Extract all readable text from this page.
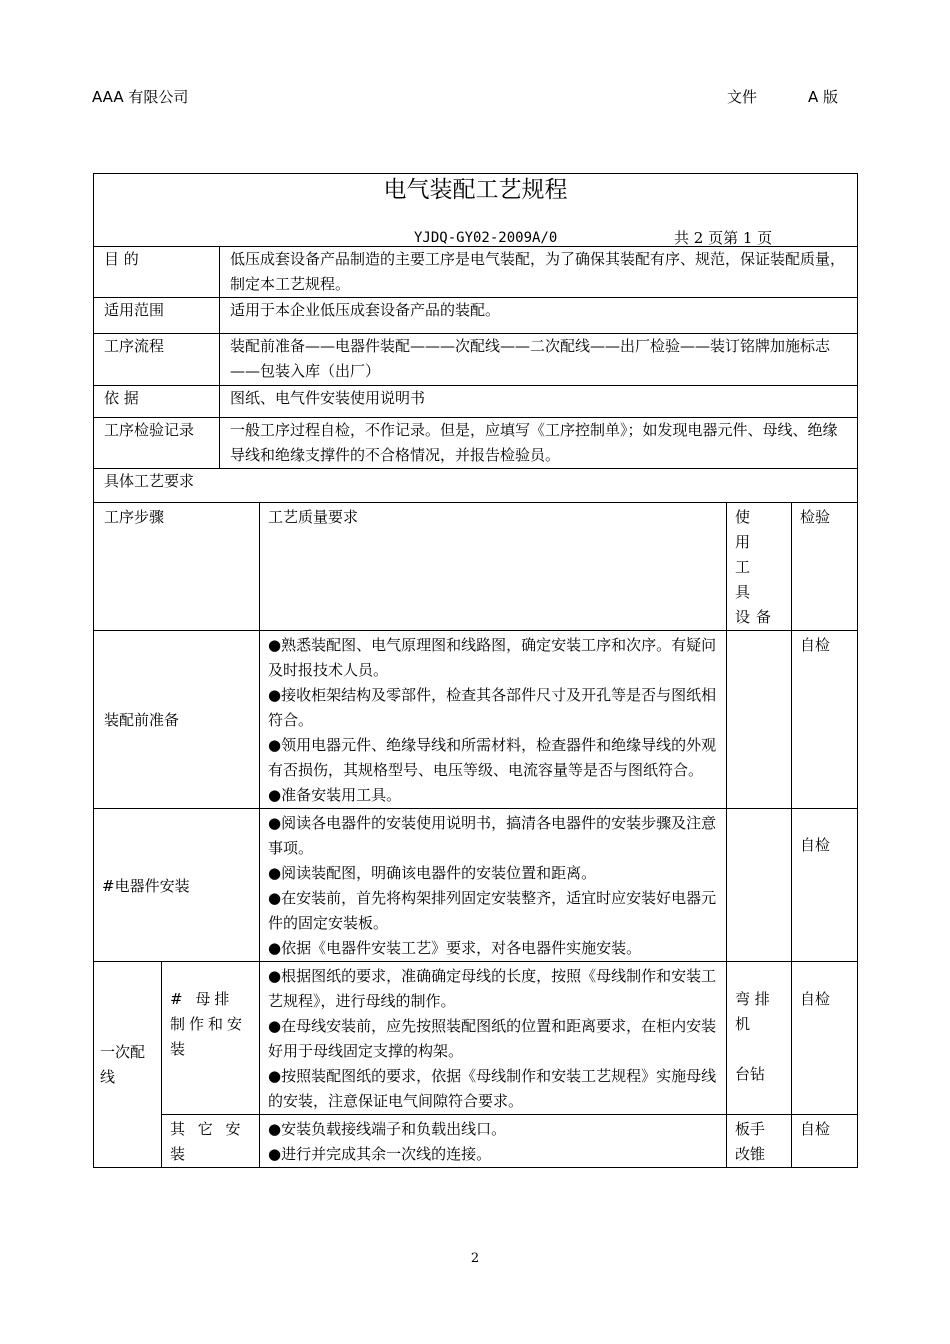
AAA 有限公司	文件	A 版
电气装配工艺规程
YJDQ-GY02-2009A/0 共 2 页第 1 页					

目 的		低压成套设备产品制造的主要工序是电气装配，为了确保其装配有序、规范，保证装配质量，制定本工艺规程。			
适用范围		适用于本企业低压成套设备产品的装配。			
工序流程		装配前准备——电器件装配———次配线——二次配线——出厂检验——装订铭牌加施标志——包装入库（出厂）			
依 据		图纸、电气件安装使用说明书			
工序检验记录		一般工序过程自检，不作记录。但是，应填写《工序控制单》；如发现电器元件、母线、绝缘导线和绝缘支撑件的不合格情况，并报告检验员。			
具体工艺要求					
工序步骤			工艺质量要求	使 用 工 具 设备	检验
装配前准备			●熟悉装配图、电气原理图和线路图，确定安装工序和次序。有疑问及时报技术人员。
●接收柜架结构及零部件，检查其各部件尺寸及开孔等是否与图纸相符合。
●领用电器元件、绝缘导线和所需材料，检查器件和绝缘导线的外观有否损伤，其规格型号、电压等级、电流容量等是否与图纸符合。
●准备安装用工具。		自检
#电器件安装			●阅读各电器件的安装使用说明书，搞清各电器件的安装步骤及注意事项。
●阅读装配图，明确该电器件的安装位置和距离。
●在安装前，首先将构架排列固定安装整齐，适宜时应安装好电器元件的固定安装板。
●依据《电器件安装工艺》要求，对各电器件实施安装。		自检
一次配线	# 母排制作和安装		●根据图纸的要求，准确确定母线的长度，按照《母线制作和安装工艺规程》，进行母线的制作。
●在母线安装前，应先按照装配图纸的位置和距离要求，在柜内安装好用于母线固定支撑的构架。
●按照装配图纸的要求，依据《母线制作和安装工艺规程》实施母线的安装，注意保证电气间隙符合要求。	弯 排 机
台钻	自检
	其 它 安装		●安装负载接线端子和负载出线口。
●进行并完成其余一次线的连接。	板手 改锥	自检
2
